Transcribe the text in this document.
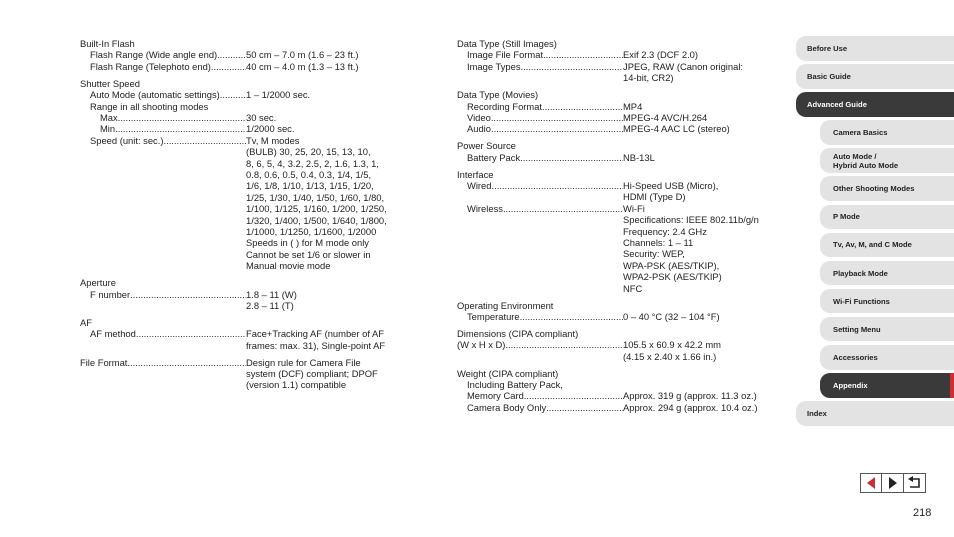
Built-In Flash
Flash Range (Wide angle end) .....	50 cm – 7.0 m (1.6 – 23 ft.)
Flash Range (Telephoto end) .....	40 cm – 4.0 m (1.3 – 13 ft.)
Shutter Speed
Auto Mode (automatic settings) .....	1 – 1/2000 sec.
Range in all shooting modes
Max. .....	30 sec.
Min. .....	1/2000 sec.
Speed (unit: sec.) .....	Tv, M modes
(BULB) 30, 25, 20, 15, 13, 10,
8, 6, 5, 4, 3.2, 2.5, 2, 1.6, 1.3, 1,
0.8, 0.6, 0.5, 0.4, 0.3, 1/4, 1/5,
1/6, 1/8, 1/10, 1/13, 1/15, 1/20,
1/25, 1/30, 1/40, 1/50, 1/60, 1/80,
1/100, 1/125, 1/160, 1/200, 1/250,
1/320, 1/400, 1/500, 1/640, 1/800,
1/1000, 1/1250, 1/1600, 1/2000
Speeds in ( ) for M mode only
Cannot be set 1/6 or slower in
Manual movie mode
Aperture
F number .....	1.8 – 11 (W)
2.8 – 11 (T)
AF
AF method .....	Face+Tracking AF (number of AF
frames: max. 31), Single-point AF
File Format .....	Design rule for Camera File
system (DCF) compliant; DPOF
(version 1.1) compatible
Data Type (Still Images)
Image File Format .....	Exif 2.3 (DCF 2.0)
Image Types .....	JPEG, RAW (Canon original:
14-bit, CR2)
Data Type (Movies)
Recording Format .....	MP4
Video .....	MPEG-4 AVC/H.264
Audio .....	MPEG-4 AAC LC (stereo)
Power Source
Battery Pack .....	NB-13L
Interface
Wired .....	Hi-Speed USB (Micro),
HDMI (Type D)
Wireless .....	Wi-Fi
Specifications: IEEE 802.11b/g/n
Frequency: 2.4 GHz
Channels: 1 – 11
Security: WEP,
WPA-PSK (AES/TKIP),
WPA2-PSK (AES/TKIP)
NFC
Operating Environment
Temperature .....	0 – 40 °C (32 – 104 °F)
Dimensions (CIPA compliant)
(W x H x D) .....	105.5 x 60.9 x 42.2 mm
(4.15 x 2.40 x 1.66 in.)
Weight (CIPA compliant)
Including Battery Pack,
Memory Card .....	Approx. 319 g (approx. 11.3 oz.)
Camera Body Only .....	Approx. 294 g (approx. 10.4 oz.)
Before Use
Basic Guide
Advanced Guide
Camera Basics
Auto Mode /
Hybrid Auto Mode
Other Shooting Modes
P Mode
Tv, Av, M, and C Mode
Playback Mode
Wi-Fi Functions
Setting Menu
Accessories
Appendix
Index
218
